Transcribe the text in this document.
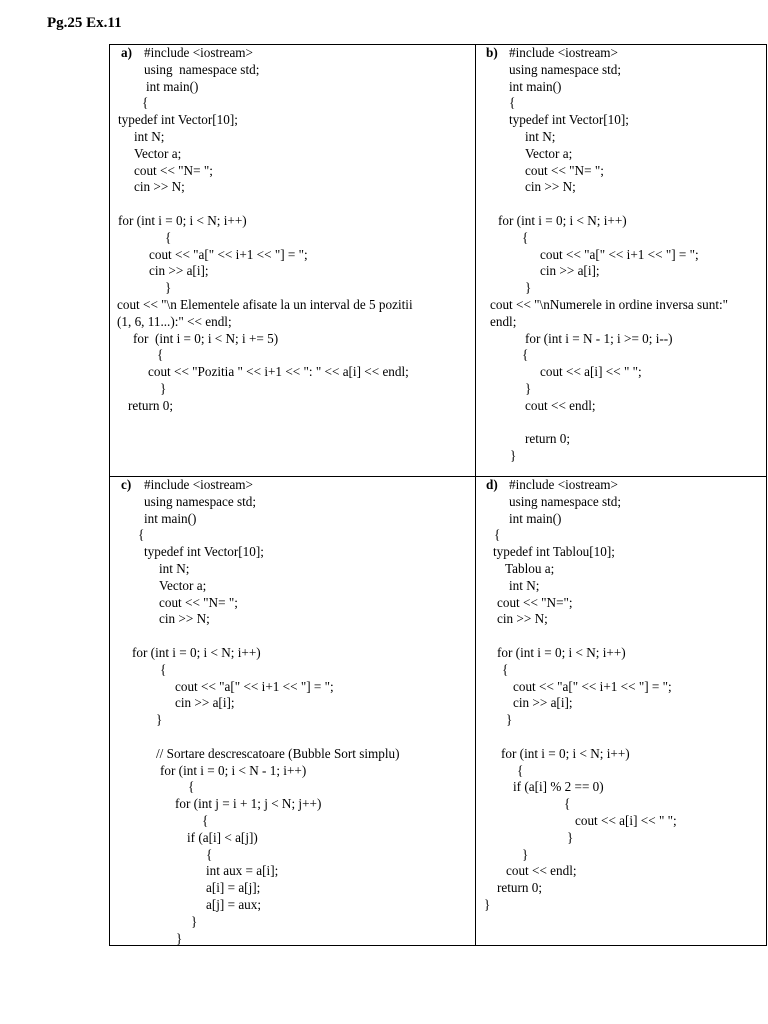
Pg.25 Ex.11
a) #include <iostream>
using  namespace std;
int main()
{
typedef int Vector[10];
int N;
Vector a;
cout << "N= ";
cin >> N;
for (int i = 0; i < N; i++)
{
cout << "a[" << i+1 << "] = ";
cin >> a[i];
}
cout << "\n Elementele afisate la un interval de 5 pozitii
(1, 6, 11...):" << endl;
for  (int i = 0; i < N; i += 5)
{
cout << "Pozitia " << i+1 << ": " << a[i] << endl;
}
return 0;
b) #include <iostream>
using namespace std;
int main()
{
typedef int Vector[10];
int N;
Vector a;
cout << "N= ";
cin >> N;
for (int i = 0; i < N; i++)
{
cout << "a[" << i+1 << "] = ";
cin >> a[i];
}
cout << "\nNumerele in ordine inversa sunt:"
endl;
for (int i = N - 1; i >= 0; i--)
{
cout << a[i] << " ";
}
cout << endl;
return 0;
}
c) #include <iostream>
using namespace std;
int main()
{
typedef int Vector[10];
int N;
Vector a;
cout << "N= ";
cin >> N;
for (int i = 0; i < N; i++)
{
cout << "a[" << i+1 << "] = ";
cin >> a[i];
}
// Sortare descrescatoare (Bubble Sort simplu)
for (int i = 0; i < N - 1; i++)
{
for (int j = i + 1; j < N; j++)
{
if (a[i] < a[j])
{
int aux = a[i];
a[i] = a[j];
a[j] = aux;
}
}
d) #include <iostream>
using namespace std;
int main()
{
typedef int Tablou[10];
Tablou a;
int N;
cout << "N=";
cin >> N;
for (int i = 0; i < N; i++)
{
cout << "a[" << i+1 << "] = ";
cin >> a[i];
}
for (int i = 0; i < N; i++)
{
if (a[i] % 2 == 0)
{
cout << a[i] << " ";
}
}
cout << endl;
return 0;
}
